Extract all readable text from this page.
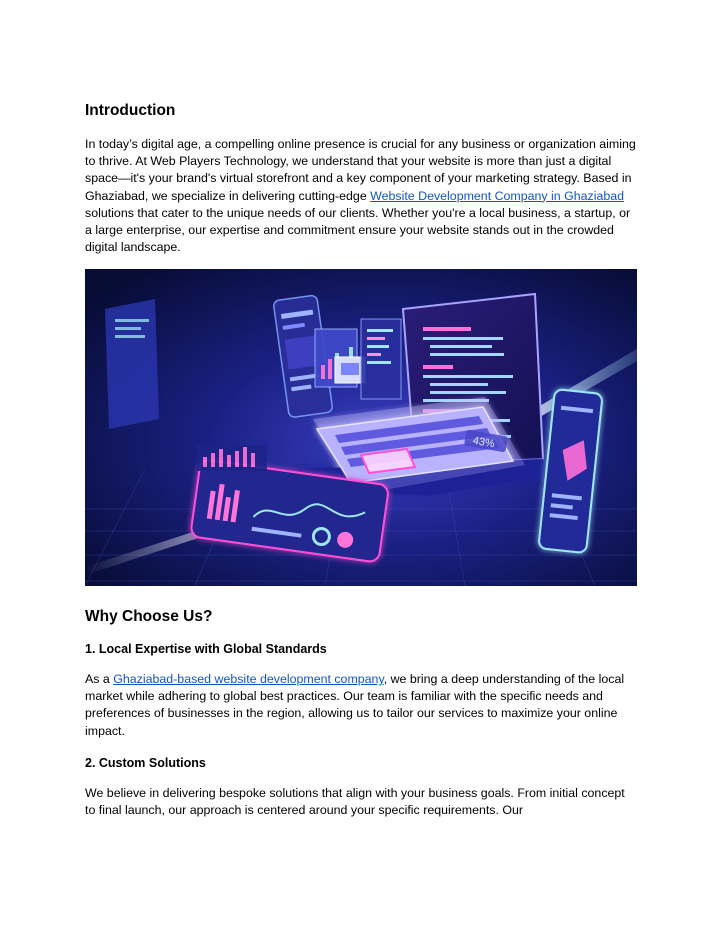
Introduction

In today’s digital age, a compelling online presence is crucial for any business or organization aiming to thrive. At Web Players Technology, we understand that your website is more than just a digital space—it's your brand's virtual storefront and a key component of your marketing strategy. Based in Ghaziabad, we specialize in delivering cutting-edge Website Development Company in Ghaziabad solutions that cater to the unique needs of our clients. Whether you're a local business, a startup, or a large enterprise, our expertise and commitment ensure your website stands out in the crowded digital landscape.

43%
Why Choose Us?
1. Local Expertise with Global Standards

As a Ghaziabad-based website development company, we bring a deep understanding of the local market while adhering to global best practices. Our team is familiar with the specific needs and preferences of businesses in the region, allowing us to tailor our services to maximize your online impact.

2. Custom Solutions

We believe in delivering bespoke solutions that align with your business goals. From initial concept to final launch, our approach is centered around your specific requirements. Our
